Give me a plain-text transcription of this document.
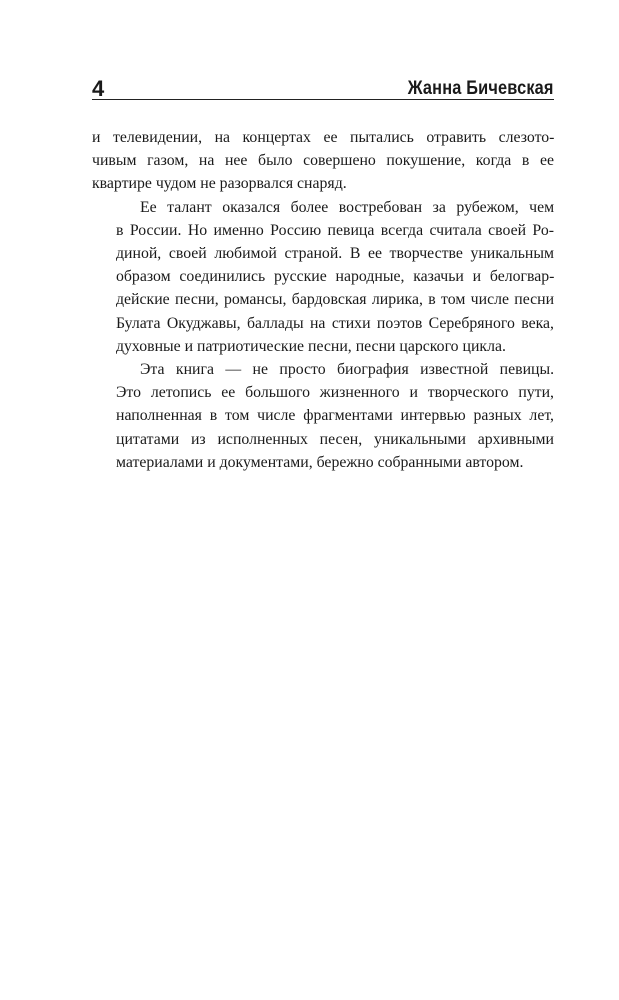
4	Жанна Бичевская

и телевидении, на концертах ее пытались отравить слезото-
чивым газом, на нее было совершено покушение, когда в ее
квартире чудом не разорвался снаряд.

Ее талант оказался более востребован за рубежом, чем
в России. Но именно Россию певица всегда считала своей Ро-
диной, своей любимой страной. В ее творчестве уникальным
образом соединились русские народные, казачьи и белогвар-
дейские песни, романсы, бардовская лирика, в том числе песни
Булата Окуджавы, баллады на стихи поэтов Серебряного века,
духовные и патриотические песни, песни царского цикла.

Эта книга — не просто биография известной певицы.
Это летопись ее большого жизненного и творческого пути,
наполненная в том числе фрагментами интервью разных лет,
цитатами из исполненных песен, уникальными архивными
материалами и документами, бережно собранными автором.
